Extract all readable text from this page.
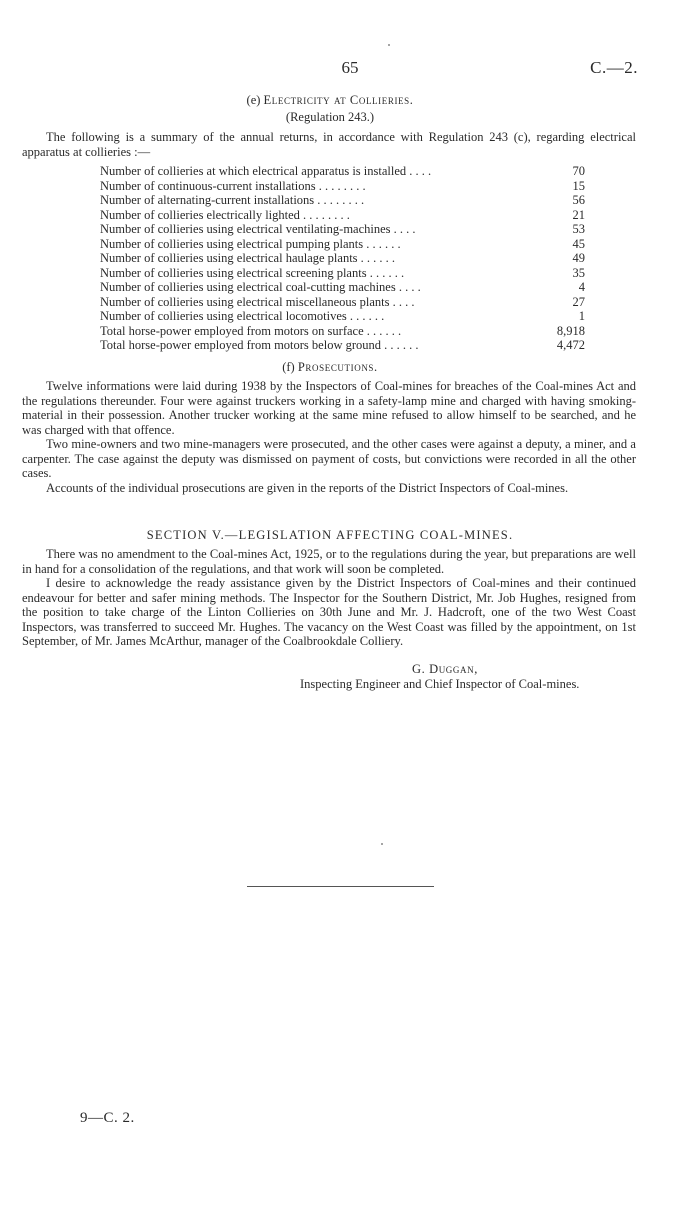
65	C.—2.
(e) Electricity at Collieries.
(Regulation 243.)
The following is a summary of the annual returns, in accordance with Regulation 243 (c), regarding electrical apparatus at collieries :—
Number of collieries at which electrical apparatus is installed . . . .	70
Number of continuous-current installations . . . . . . . .	15
Number of alternating-current installations . . . . . . . .	56
Number of collieries electrically lighted . . . . . . . .	21
Number of collieries using electrical ventilating-machines . . . .	53
Number of collieries using electrical pumping plants . . . . . .	45
Number of collieries using electrical haulage plants . . . . . .	49
Number of collieries using electrical screening plants . . . . . .	35
Number of collieries using electrical coal-cutting machines . . . .	4
Number of collieries using electrical miscellaneous plants . . . .	27
Number of collieries using electrical locomotives . . . . . .	1
Total horse-power employed from motors on surface . . . . . .	8,918
Total horse-power employed from motors below ground . . . . . .	4,472
(f) Prosecutions.
Twelve informations were laid during 1938 by the Inspectors of Coal-mines for breaches of the Coal-mines Act and the regulations thereunder. Four were against truckers working in a safety-lamp mine and charged with having smoking-material in their possession. Another trucker working at the same mine refused to allow himself to be searched, and he was charged with that offence.
Two mine-owners and two mine-managers were prosecuted, and the other cases were against a deputy, a miner, and a carpenter. The case against the deputy was dismissed on payment of costs, but convictions were recorded in all the other cases.
Accounts of the individual prosecutions are given in the reports of the District Inspectors of Coal-mines.
SECTION V.—LEGISLATION AFFECTING COAL-MINES.
There was no amendment to the Coal-mines Act, 1925, or to the regulations during the year, but preparations are well in hand for a consolidation of the regulations, and that work will soon be completed.
I desire to acknowledge the ready assistance given by the District Inspectors of Coal-mines and their continued endeavour for better and safer mining methods. The Inspector for the Southern District, Mr. Job Hughes, resigned from the position to take charge of the Linton Collieries on 30th June and Mr. J. Hadcroft, one of the two West Coast Inspectors, was transferred to succeed Mr. Hughes. The vacancy on the West Coast was filled by the appointment, on 1st September, of Mr. James McArthur, manager of the Coalbrookdale Colliery.
G. Duggan,
Inspecting Engineer and Chief Inspector of Coal-mines.
9—C. 2.
